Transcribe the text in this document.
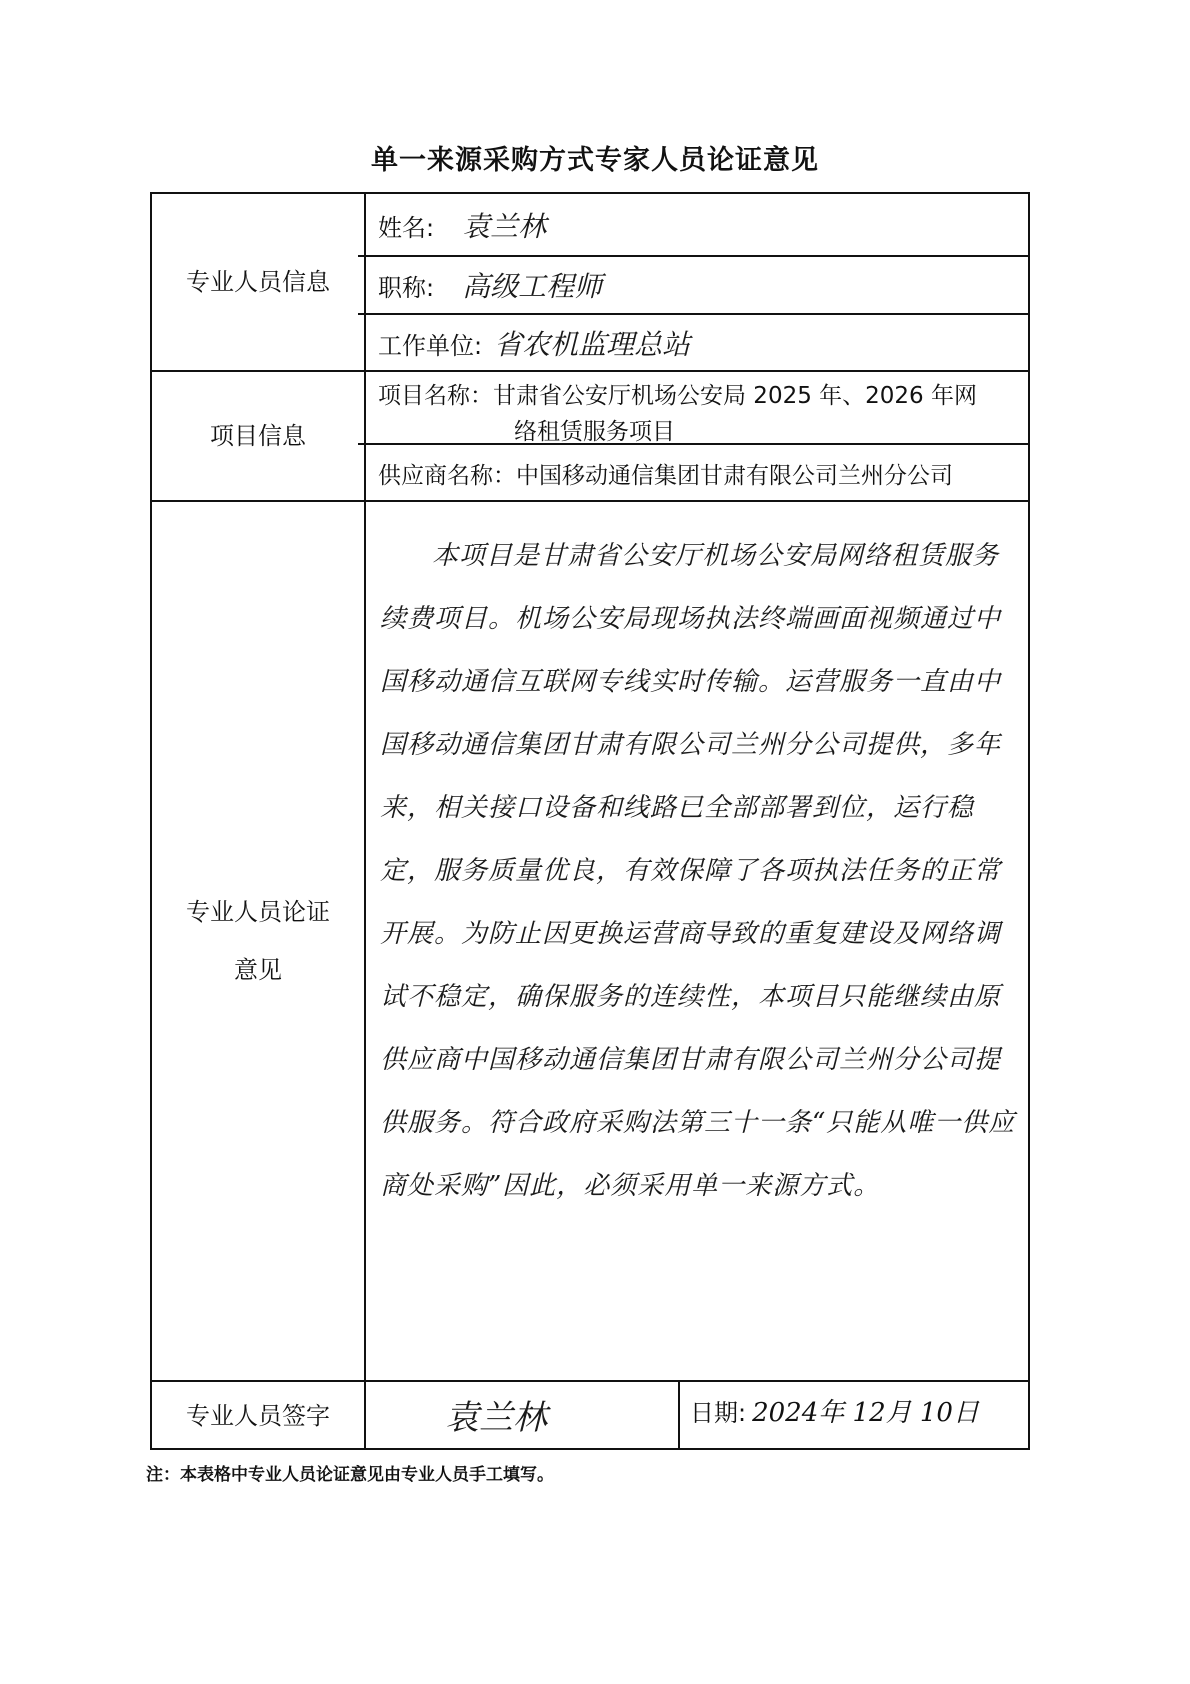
单一来源采购方式专家人员论证意见
专业人员信息
项目信息
专业人员论证
意见
专业人员签字
姓名: 袁兰林
职称: 高级工程师
工作单位: 省农机监理总站
项目名称：甘肃省公安厅机场公安局 2025 年、2026 年网
络租赁服务项目
供应商名称：中国移动通信集团甘肃有限公司兰州分公司
本项目是甘肃省公安厅机场公安局网络租赁服务续费项目。机场公安局现场执法终端画面视频通过中国移动通信互联网专线实时传输。运营服务一直由中国移动通信集团甘肃有限公司兰州分公司提供，多年来，相关接口设备和线路已全部部署到位，运行稳定，服务质量优良，有效保障了各项执法任务的正常开展。为防止因更换运营商导致的重复建设及网络调试不稳定，确保服务的连续性，本项目只能继续由原供应商中国移动通信集团甘肃有限公司兰州分公司提供服务。符合政府采购法第三十一条“只能从唯一供应商处采购”因此，必须采用单一来源方式。
袁兰林	日期: 2024年 12月 10日
注：本表格中专业人员论证意见由专业人员手工填写。
